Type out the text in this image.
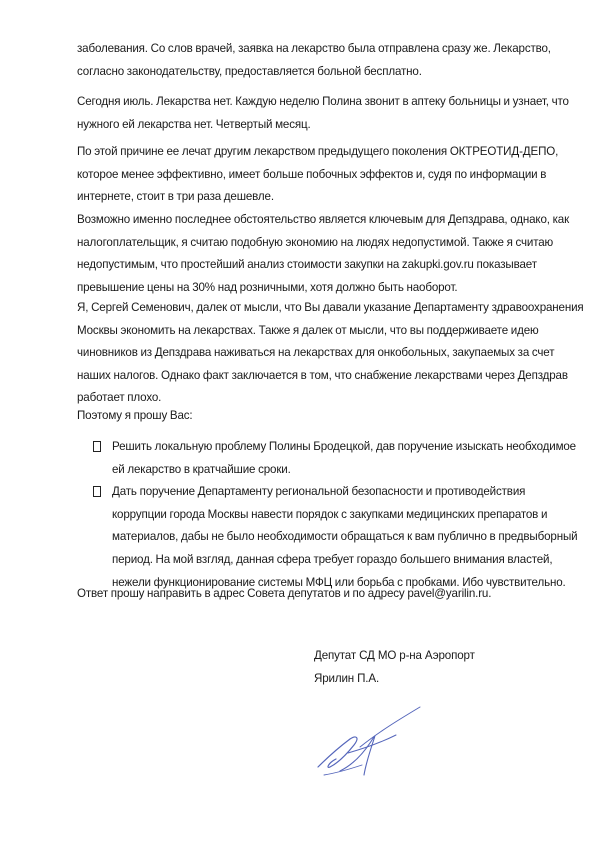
заболевания. Со слов врачей, заявка на лекарство была отправлена сразу же. Лекарство,
согласно законодательству, предоставляется больной бесплатно.

Сегодня июль. Лекарства нет. Каждую неделю Полина звонит в аптеку больницы и узнает, что
нужного ей лекарства нет. Четвертый месяц.

По этой причине ее лечат другим лекарством предыдущего поколения ОКТРЕОТИД-ДЕПО,
которое менее эффективно, имеет больше побочных эффектов и, судя по информации в
интернете, стоит в три раза дешевле.

Возможно именно последнее обстоятельство является ключевым для Депздрава, однако, как
налогоплательщик, я считаю подобную экономию на людях недопустимой. Также я считаю
недопустимым, что простейший анализ стоимости закупки на zakupki.gov.ru показывает
превышение цены на 30% над розничными, хотя должно быть наоборот.

Я, Сергей Семенович, далек от мысли, что Вы давали указание Департаменту здравоохранения
Москвы экономить на лекарствах. Также я далек от мысли, что вы поддерживаете идею
чиновников из Депздрава наживаться на лекарствах для онкобольных, закупаемых за счет
наших налогов. Однако факт заключается в том, что снабжение лекарствами через Депздрав
работает плохо.

Поэтому я прошу Вас:

Решить локальную проблему Полины Бродецкой, дав поручение изыскать необходимое
ей лекарство в кратчайшие сроки.
Дать поручение Департаменту региональной безопасности и противодействия
коррупции города Москвы навести порядок с закупками медицинских препаратов и
материалов, дабы не было необходимости обращаться к вам публично в предвыборный
период. На мой взгляд, данная сфера требует гораздо большего внимания властей,
нежели функционирование системы МФЦ или борьба с пробками. Ибо чувствительно.

Ответ прошу направить в адрес Совета депутатов и по адресу pavel@yarilin.ru.

Депутат СД МО р-на Аэропорт
Ярилин П.А.
